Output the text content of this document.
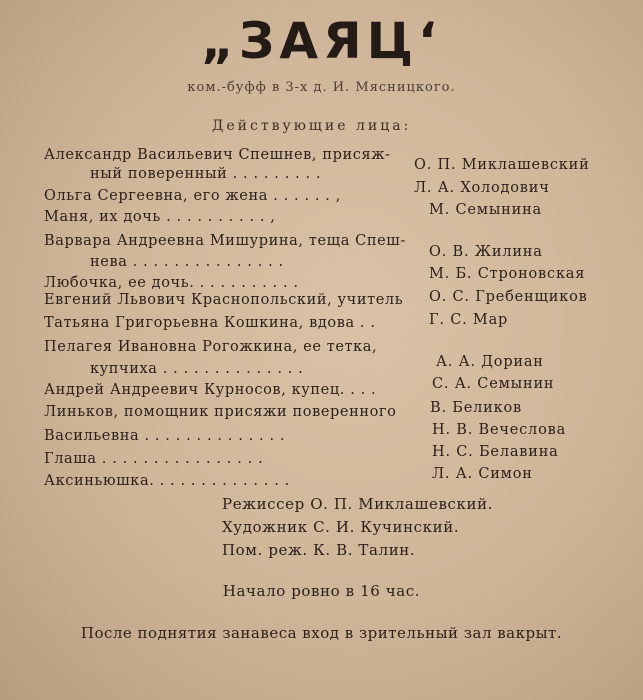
„ЗАЯЦ‘
ком.-буфф в 3-х д. И. Мясницкого.
Действующие лица:
Александр Васильевич Спешнев, присяж-
ный поверенный . . . . . . . . .
Ольга Сергеевна, его жена . . . . . . ,
Маня, их дочь . . . . . . . . . . ,
Варвара Андреевна Мишурина, теща Спеш-
нева . . . . . . . . . . . . . . .
Любочка, ее дочь. . . . . . . . . . .
Евгений Львович Краснопольский, учитель
Татьяна Григорьевна Кошкина, вдова . .
Пелагея Ивановна Рогожкина, ее тетка,
купчиха . . . . . . . . . . . . . .
Андрей Андреевич Курносов, купец. . . .
Линьков, помощник присяжи поверенного
Васильевна . . . . . . . . . . . . . .
Глаша . . . . . . . . . . . . . . . .
Аксиньюшка. . . . . . . . . . . . . .
О. П. Миклашевский
Л. А. Холодович
М. Семынина
О. В. Жилина
М. Б. Строновская
О. С. Гребенщиков
Г. С. Мар
А. А. Дориан
С. А. Семынин
В. Беликов
Н. В. Вечеслова
Н. С. Белавина
Л. А. Симон
Режиссер О. П. Миклашевский.
Художник С. И. Кучинский.
Пом. реж. К. В. Талин.
Начало ровно в 16 час.
После поднятия занавеса вход в зрительный зал вакрыт.
